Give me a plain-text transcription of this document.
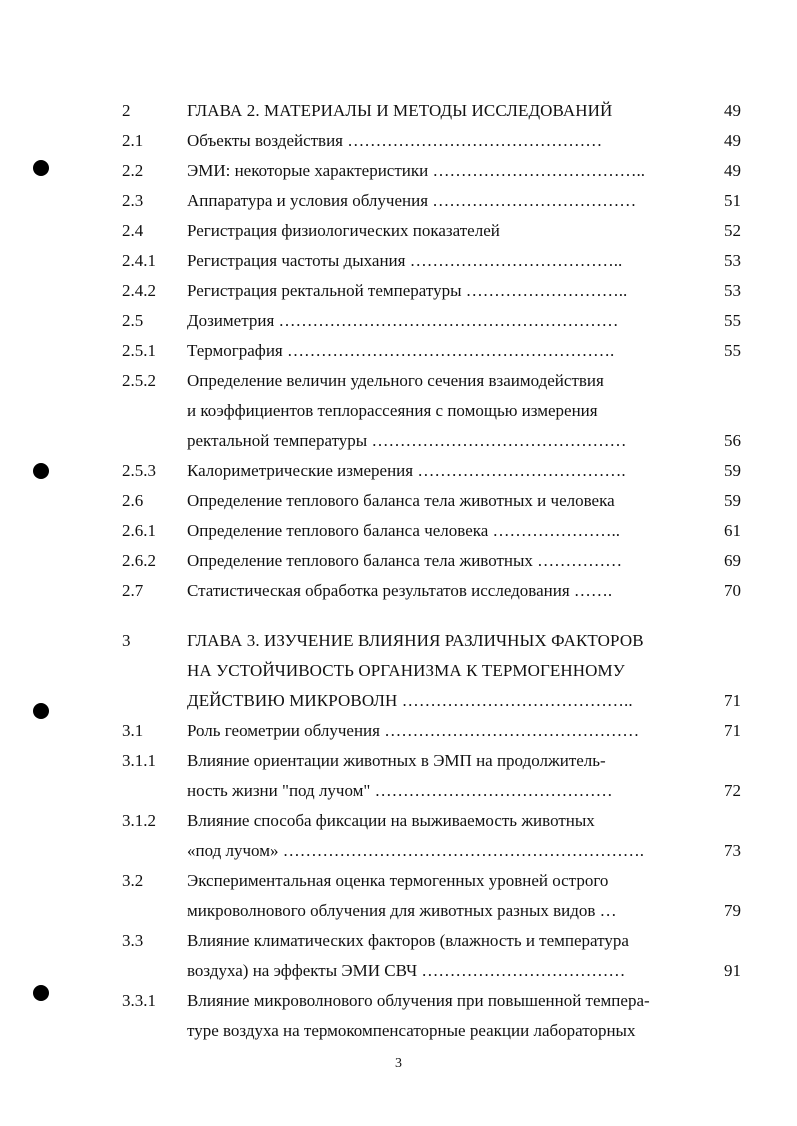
2	ГЛАВА 2. МАТЕРИАЛЫ И МЕТОДЫ ИССЛЕДОВАНИЙ	49
2.1	Объекты воздействия ………………………………………	49
2.2	ЭМИ: некоторые характеристики ………………………………..	49
2.3	Аппаратура и условия облучения ………………………………	51
2.4	Регистрация физиологических показателей	52
2.4.1 Регистрация частоты дыхания ………………………………..	53
2.4.2 Регистрация ректальной температуры ………………………..	53
2.5	Дозиметрия ……………………………………………………	55
2.5.1 Термография ………………………………………………….	55
2.5.2 Определение величин удельного сечения взаимодействия
и коэффициентов теплорассеяния с помощью измерения
ректальной температуры ………………………………………	56
2.5.3 Калориметрические измерения ……………………………….	59
2.6	Определение теплового баланса тела животных и человека	59
2.6.1 Определение теплового баланса человека …………………..	61
2.6.2 Определение теплового баланса тела животных ……………	69
2.7	Статистическая обработка результатов исследования …….	70
3	ГЛАВА 3. ИЗУЧЕНИЕ ВЛИЯНИЯ РАЗЛИЧНЫХ ФАКТОРОВ
НА УСТОЙЧИВОСТЬ ОРГАНИЗМА К ТЕРМОГЕННОМУ
ДЕЙСТВИЮ МИКРОВОЛН …………………………………..	71
3.1	Роль геометрии облучения ………………………………………	71
3.1.1 Влияние ориентации животных в ЭМП на продолжитель-
ность жизни "под лучом" ……………………………………	72
3.1.2 Влияние способа фиксации на выживаемость животных
«под лучом» ……………………………………………………….	73
3.2	Экспериментальная оценка термогенных уровней острого
микроволнового облучения для животных разных видов …	79
3.3	Влияние климатических факторов (влажность и температура
воздуха) на эффекты ЭМИ СВЧ ………………………………	91
3.3.1 Влияние микроволнового облучения при повышенной темпера-
туре воздуха на термокомпенсаторные реакции лабораторных
3
